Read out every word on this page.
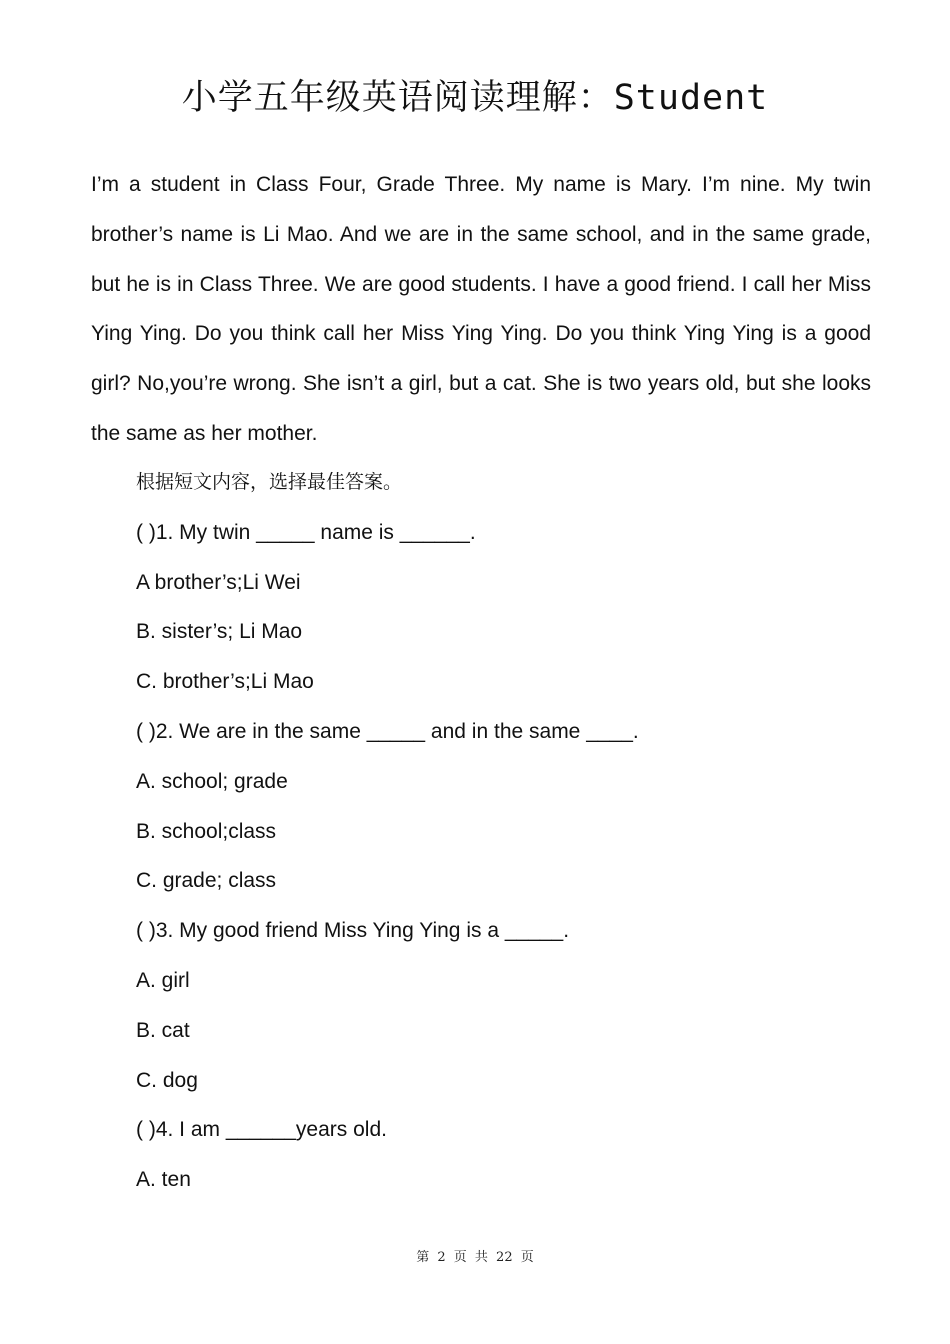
小学五年级英语阅读理解：Student
I’m a student in Class Four, Grade Three. My name is Mary. I’m nine. My twin brother’s name is Li Mao. And we are in the same school, and in the same grade, but he is in Class Three. We are good students. I have a good friend. I call her Miss Ying Ying. Do you think call her Miss Ying Ying. Do you think Ying Ying is a good girl? No,you’re wrong. She isn’t a girl, but a cat. She is two years old, but she looks the same as her mother.
根据短文内容，选择最佳答案。
( )1. My twin _____ name is ______.
A brother’s;Li Wei
B. sister’s; Li Mao
C. brother’s;Li Mao
( )2. We are in the same _____ and in the same ____.
A. school; grade
B. school;class
C. grade; class
( )3. My good friend Miss Ying Ying is a _____.
A. girl
B. cat
C. dog
( )4. I am ______years old.
A. ten
第 2 页 共 22 页
